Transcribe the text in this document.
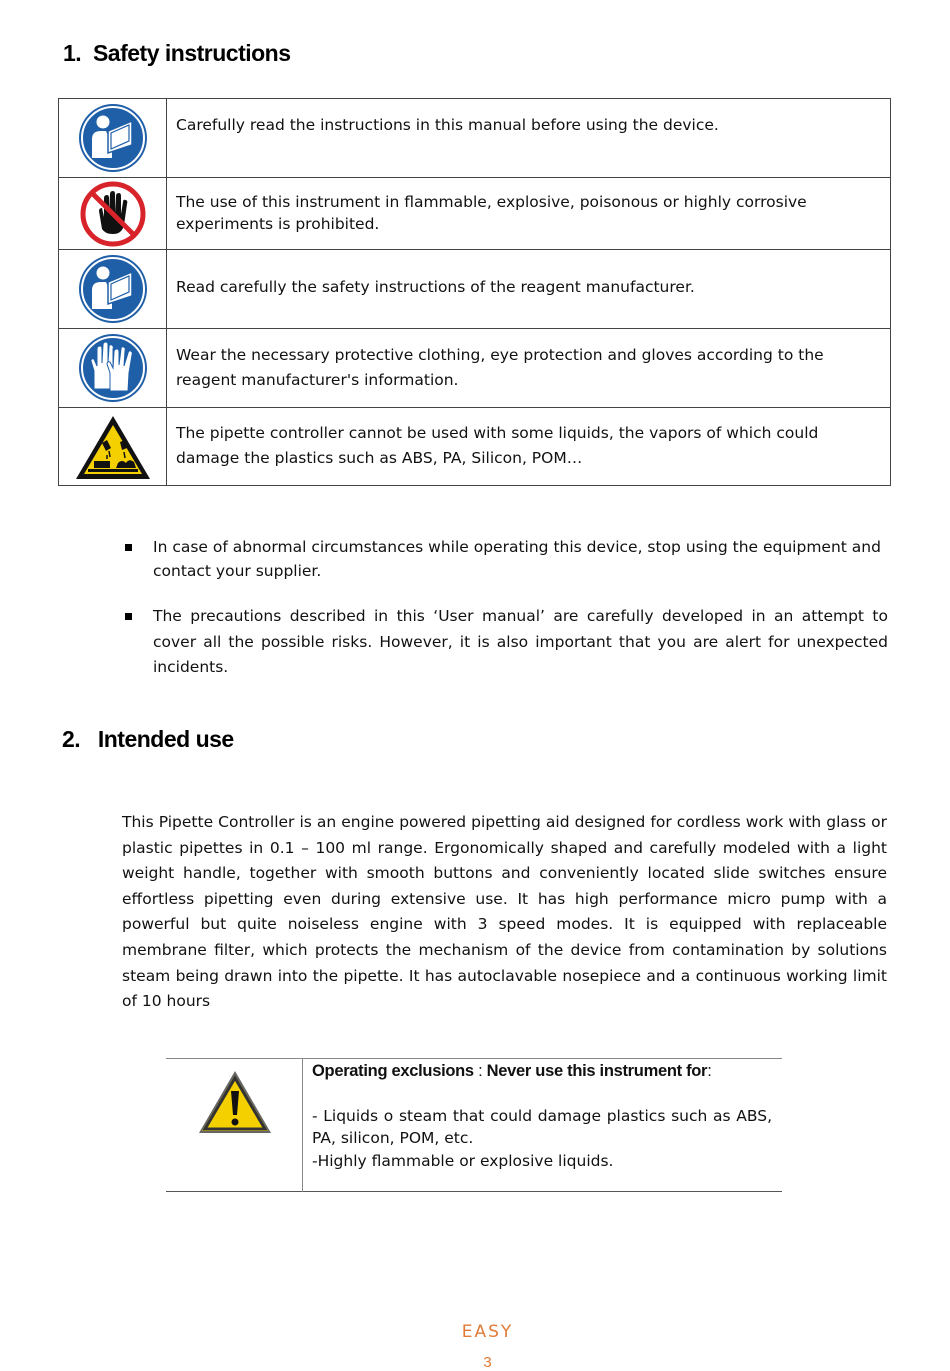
1. Safety instructions
	Carefully read the instructions in this manual before using the device.

	The use of this instrument in flammable, explosive, poisonous or highly corrosive experiments is prohibited.

	Read carefully the safety instructions of the reagent manufacturer.

	Wear the necessary protective clothing, eye protection and gloves according to the reagent manufacturer's information.

	The pipette controller cannot be used with some liquids, the vapors of which could damage the plastics such as ABS, PA, Silicon, POM…
In case of abnormal circumstances while operating this device, stop using the equipment and contact your supplier.
The precautions described in this ‘User manual’ are carefully developed in an attempt to cover all the possible risks. However, it is also important that you are alert for unexpected incidents.
2. Intended use
This Pipette Controller is an engine powered pipetting aid designed for cordless work with glass or plastic pipettes in 0.1 – 100 ml range. Ergonomically shaped and carefully modeled with a light weight handle, together with smooth buttons and conveniently located slide switches ensure effortless pipetting even during extensive use. It has high performance micro pump with a powerful but quite noiseless engine with 3 speed modes. It is equipped with replaceable membrane filter, which protects the mechanism of the device from contamination by solutions steam being drawn into the pipette. It has autoclavable nosepiece and a continuous working limit of 10 hours
Operating exclusions : Never use this instrument for:
- Liquids o steam that could damage plastics such as ABS, PA, silicon, POM, etc.
-Highly flammable or explosive liquids.
EASY
3
